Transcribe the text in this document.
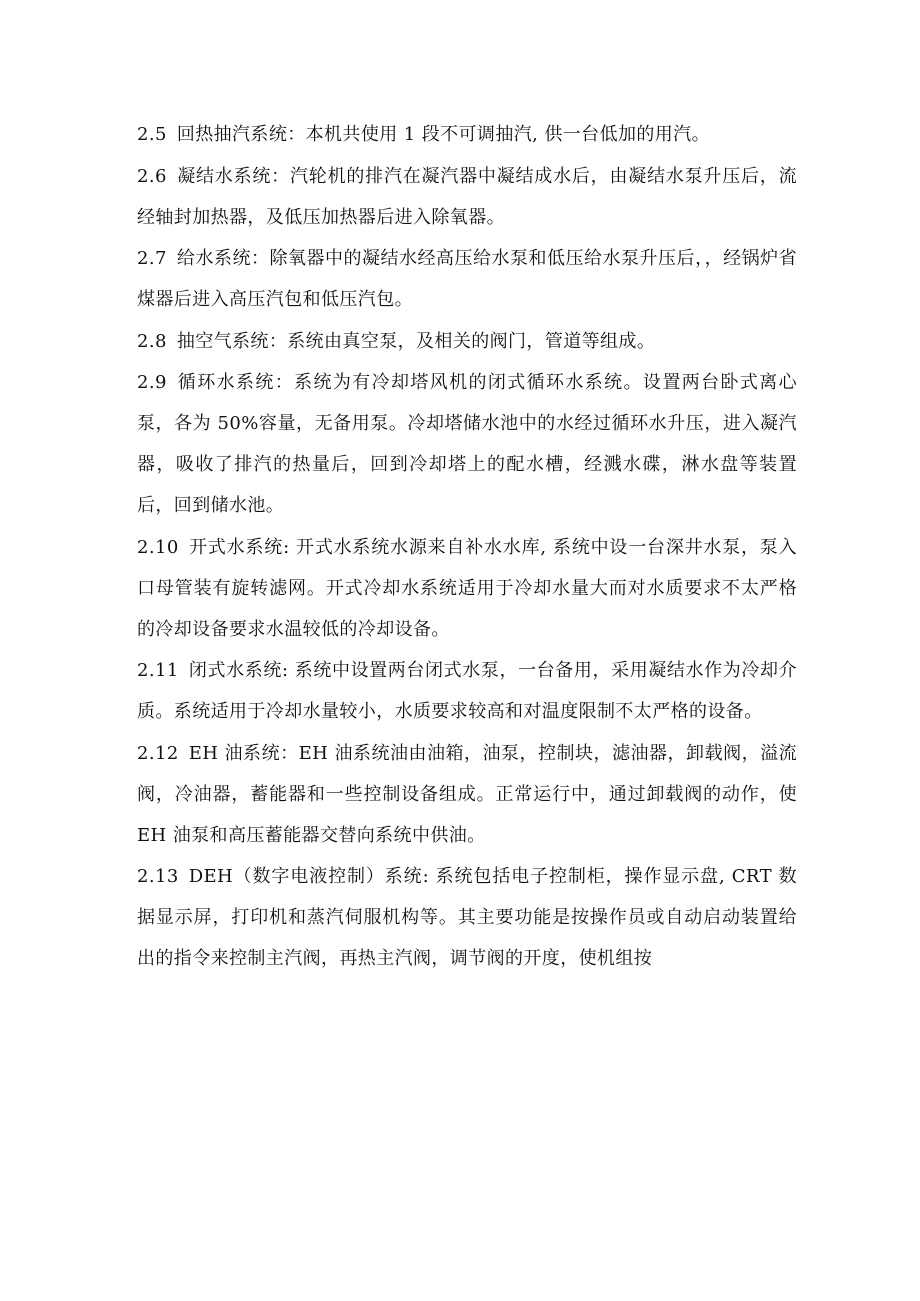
2.5 回热抽汽系统：本机共使用 1 段不可调抽汽, 供一台低加的用汽。

2.6 凝结水系统：汽轮机的排汽在凝汽器中凝结成水后，由凝结水泵升压后，流经轴封加热器，及低压加热器后进入除氧器。

2.7 给水系统：除氧器中的凝结水经高压给水泵和低压给水泵升压后，，经锅炉省煤器后进入高压汽包和低压汽包。

2.8 抽空气系统：系统由真空泵，及相关的阀门，管道等组成。

2.9 循环水系统：系统为有冷却塔风机的闭式循环水系统。设置两台卧式离心泵，各为 50%容量，无备用泵。冷却塔储水池中的水经过循环水升压，进入凝汽器，吸收了排汽的热量后，回到冷却塔上的配水槽，经溅水碟，淋水盘等装置后，回到储水池。

2.10 开式水系统: 开式水系统水源来自补水水库, 系统中设一台深井水泵，泵入口母管装有旋转滤网。开式冷却水系统适用于冷却水量大而对水质要求不太严格的冷却设备要求水温较低的冷却设备。

2.11 闭式水系统: 系统中设置两台闭式水泵，一台备用，采用凝结水作为冷却介质。系统适用于冷却水量较小，水质要求较高和对温度限制不太严格的设备。

2.12 EH 油系统：EH 油系统油由油箱，油泵，控制块，滤油器，卸载阀，溢流阀，冷油器，蓄能器和一些控制设备组成。正常运行中，通过卸载阀的动作，使 EH 油泵和高压蓄能器交替向系统中供油。

2.13 DEH（数字电液控制）系统: 系统包括电子控制柜，操作显示盘, CRT 数据显示屏，打印机和蒸汽伺服机构等。其主要功能是按操作员或自动启动装置给出的指令来控制主汽阀，再热主汽阀，调节阀的开度，使机组按
